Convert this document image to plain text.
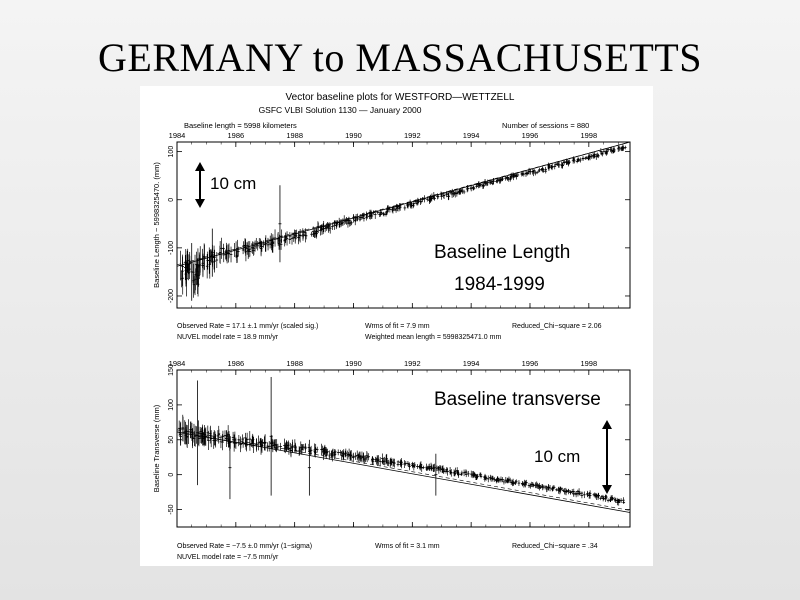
GERMANY to MASSACHUSETTS
Vector baseline plots for WESTFORD—WETTZELL
GSFC VLBI Solution 1130 — January 2000
Baseline length = 5998 kilometers	Number of sessions = 880
1984	1986	1988	1990	1992	1994	1996	1998
-200
-100
0
100
Baseline Length − 5998325470. (mm)
Observed Rate = 17.1 ±.1 mm/yr (scaled sig.)	Wrms of fit = 7.9 mm	Reduced_Chi−square = 2.06
NUVEL model rate = 18.9 mm/yr	Weighted mean length = 5998325471.0 mm
10 cm
Baseline Length
1984-1999
1984	1986	1988	1990	1992	1994	1996	1998
-50
0
50
100
150
Baseline Transverse (mm)
Observed Rate = −7.5 ±.0 mm/yr (1−sigma)	Wrms of fit = 3.1 mm	Reduced_Chi−square = .34
NUVEL model rate = −7.5 mm/yr
Baseline transverse
10 cm
